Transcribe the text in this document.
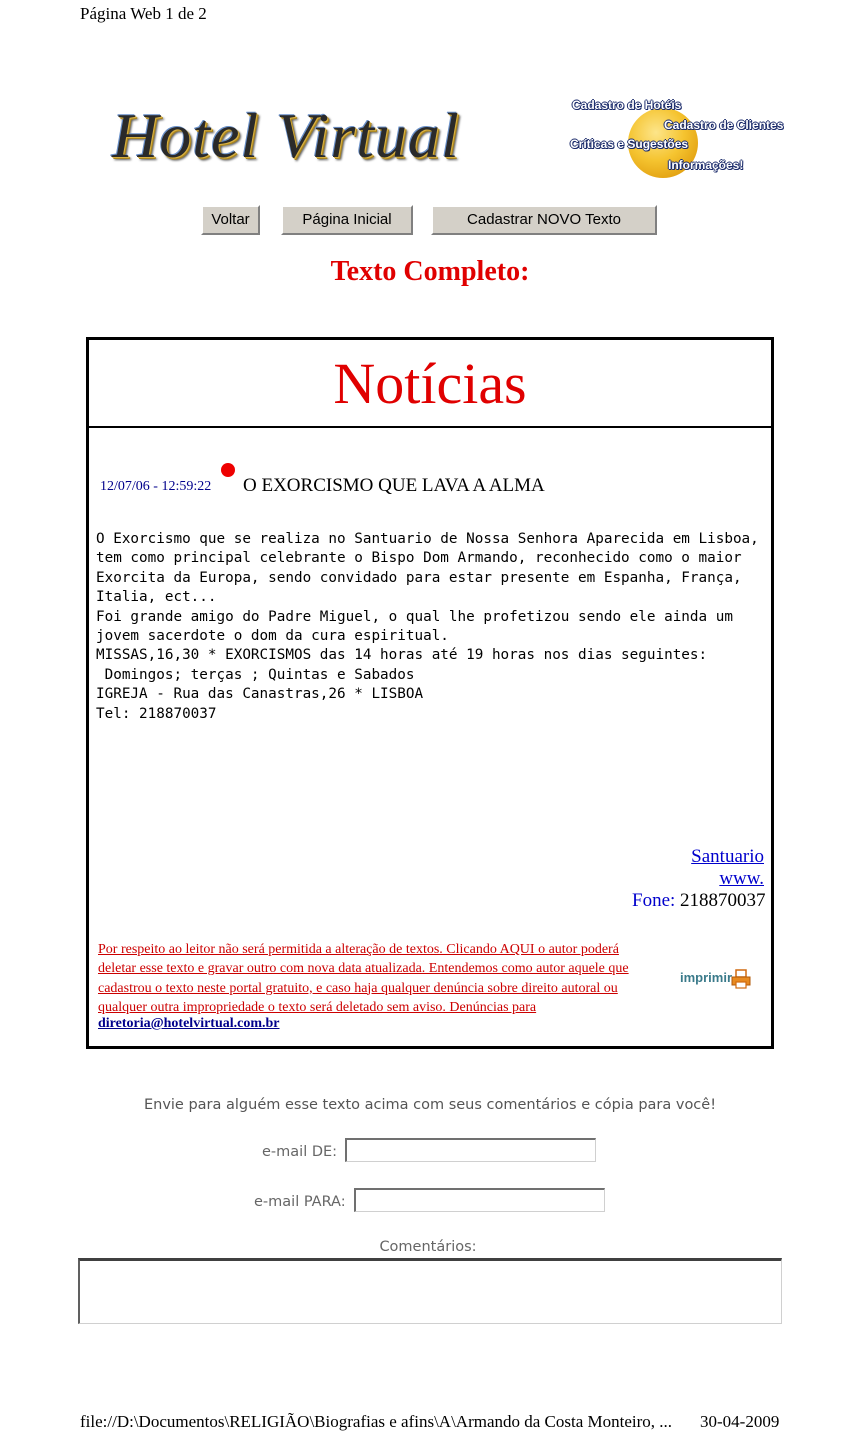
Página Web 1 de 2
Hotel Virtual	Cadastro de Hotéis
Cadastro de Clientes
Críticas e Sugestões
Informações!
Voltar	Página Inicial	Cadastrar NOVO Texto
Texto Completo:
Notícias
12/07/06 - 12:59:22 O EXORCISMO QUE LAVA A ALMA
O Exorcismo que se realiza no Santuario de Nossa Senhora Aparecida em Lisboa,
tem como principal celebrante o Bispo Dom Armando, reconhecido como o maior
Exorcita da Europa, sendo convidado para estar presente em Espanha, França,
Italia, ect...
Foi grande amigo do Padre Miguel, o qual lhe profetizou sendo ele ainda um
jovem sacerdote o dom da cura espiritual.
MISSAS,16,30 * EXORCISMOS das 14 horas até 19 horas nos dias seguintes:
Domingos; terças ; Quintas e Sabados
IGREJA - Rua das Canastras,26 * LISBOA
Tel: 218870037
Santuario
www.
Fone: 218870037
Por respeito ao leitor não será permitida a alteração de textos. Clicando AQUI o autor poderá deletar esse texto e gravar outro com nova data atualizada. Entendemos como autor aquele que cadastrou o texto neste portal gratuito, e caso haja qualquer denúncia sobre direito autoral ou qualquer outra impropriedade o texto será deletado sem aviso. Denúncias para
diretoria@hotelvirtual.com.br
imprimir
Envie para alguém esse texto acima com seus comentários e cópia para você!
e-mail DE:
e-mail PARA:
Comentários:
file://D:\Documentos\RELIGIÃO\Biografias e afins\A\Armando da Costa Monteiro, ... 30-04-2009
